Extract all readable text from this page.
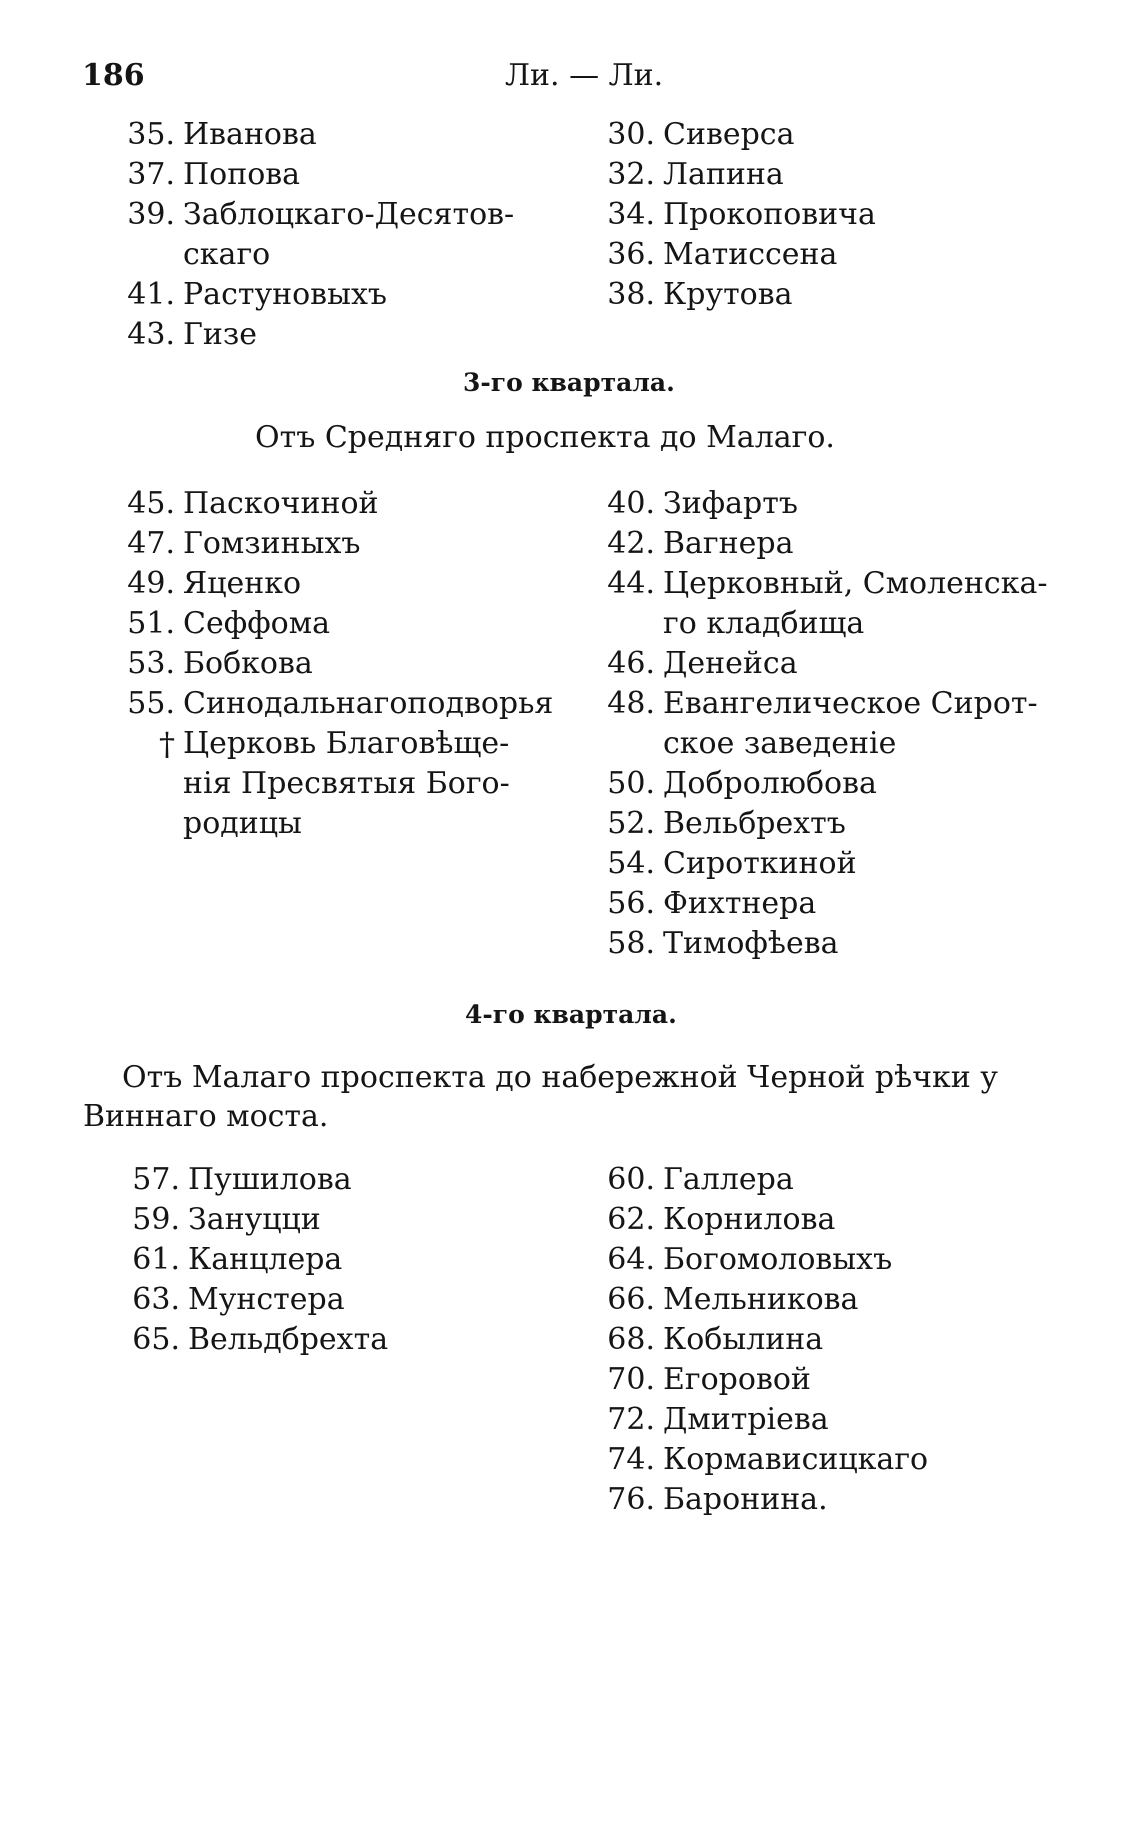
186	Ли. — Ли.
35. Иванова
37. Попова
39. Заблоцкаго-Десятов-
скаго
41. Растуновыхъ
43. Гизе
30. Сиверса
32. Лапина
34. Прокоповича
36. Матиссена
38. Крутова
3-го квартала.
Отъ Средняго проспекта до Малаго.
45. Паскочиной
47. Гомзиныхъ
49. Яценко
51. Сеффома
53. Бобкова
55. Синодальнагоподворья
Церковь Благовѣще-
нія Пресвятыя Бого-
родицы
†
40. Зифартъ
42. Вагнера
44. Церковный, Смоленска-
го кладбища
46. Денейса
48. Евангелическое Сирот-
ское заведеніе
50. Добролюбова
52. Вельбрехтъ
54. Сироткиной
56. Фихтнера
58. Тимофѣева
4-го квартала.
Отъ Малаго проспекта до набережной Черной рѣчки у
Виннаго моста.
57. Пушилова
59. Зануцци
61. Канцлера
63. Мунстера
65. Вельдбрехта
60. Галлера
62. Корнилова
64. Богомоловыхъ
66. Мельникова
68. Кобылина
70. Егоровой
72. Дмитріева
74. Кормависицкаго
76. Баронина.
